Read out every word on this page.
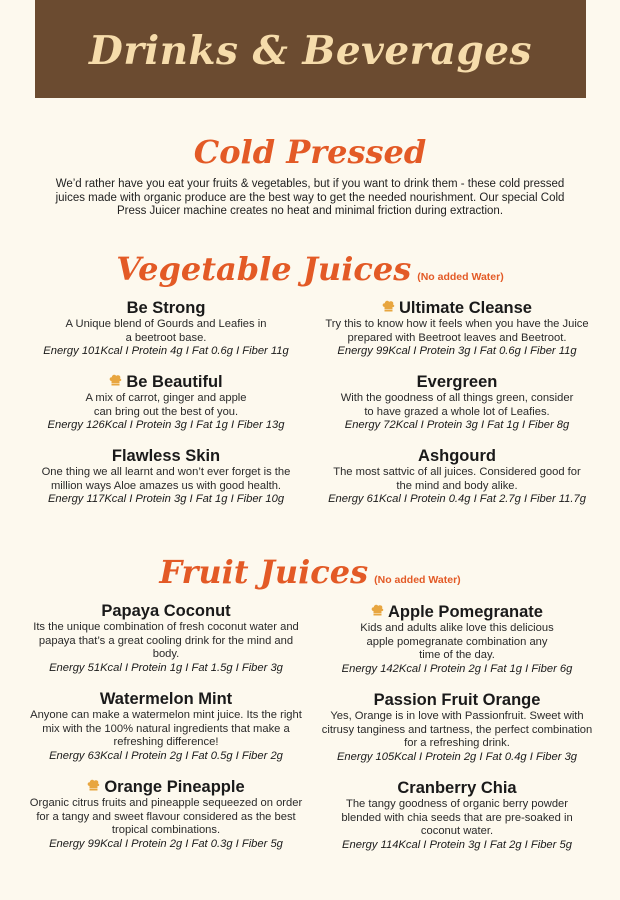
Drinks & Beverages
Cold Pressed

We’d rather have you eat your fruits & vegetables, but if you want to drink them - these cold pressed juices made with organic produce are the best way to get the needed nourishment. Our special Cold Press Juicer machine creates no heat and minimal friction during extraction.

Vegetable Juices (No added Water)

Be Strong

A Unique blend of Gourds and Leafies in a beetroot base.

Energy 101Kcal I Protein 4g I Fat 0.6g I Fiber 11g

Ultimate Cleanse

Try this to know how it feels when you have the Juice prepared with Beetroot leaves and Beetroot.

Energy 99Kcal I Protein 3g I Fat 0.6g I Fiber 11g

Be Beautiful

A mix of carrot, ginger and apple can bring out the best of you.

Energy 126Kcal I Protein 3g I Fat 1g I Fiber 13g

Evergreen

With the goodness of all things green, consider to have grazed a whole lot of Leafies.

Energy 72Kcal I Protein 3g I Fat 1g I Fiber 8g

Flawless Skin

One thing we all learnt and won’t ever forget is the million ways Aloe amazes us with good health.

Energy 117Kcal I Protein 3g I Fat 1g I Fiber 10g

Ashgourd

The most sattvic of all juices. Considered good for the mind and body alike.

Energy 61Kcal I Protein 0.4g I Fat 2.7g I Fiber 11.7g

Fruit Juices (No added Water)

Papaya Coconut

Its the unique combination of fresh coconut water and papaya that’s a great cooling drink for the mind and body.

Energy 51Kcal I Protein 1g I Fat 1.5g I Fiber 3g

Apple Pomegranate

Kids and adults alike love this delicious apple pomegranate combination any time of the day.

Energy 142Kcal I Protein 2g I Fat 1g I Fiber 6g

Watermelon Mint

Anyone can make a watermelon mint juice. Its the right mix with the 100% natural ingredients that make a refreshing difference!

Energy 63Kcal I Protein 2g I Fat 0.5g I Fiber 2g

Passion Fruit Orange

Yes, Orange is in love with Passionfruit. Sweet with citrusy tanginess and tartness, the perfect combination for a refreshing drink.

Energy 105Kcal I Protein 2g I Fat 0.4g I Fiber 3g

Orange Pineapple

Organic citrus fruits and pineapple sequeezed on order for a tangy and sweet flavour considered as the best tropical combinations.

Energy 99Kcal I Protein 2g I Fat 0.3g I Fiber 5g

Cranberry Chia

The tangy goodness of organic berry powder blended with chia seeds that are pre-soaked in coconut water.

Energy 114Kcal I Protein 3g I Fat 2g I Fiber 5g
